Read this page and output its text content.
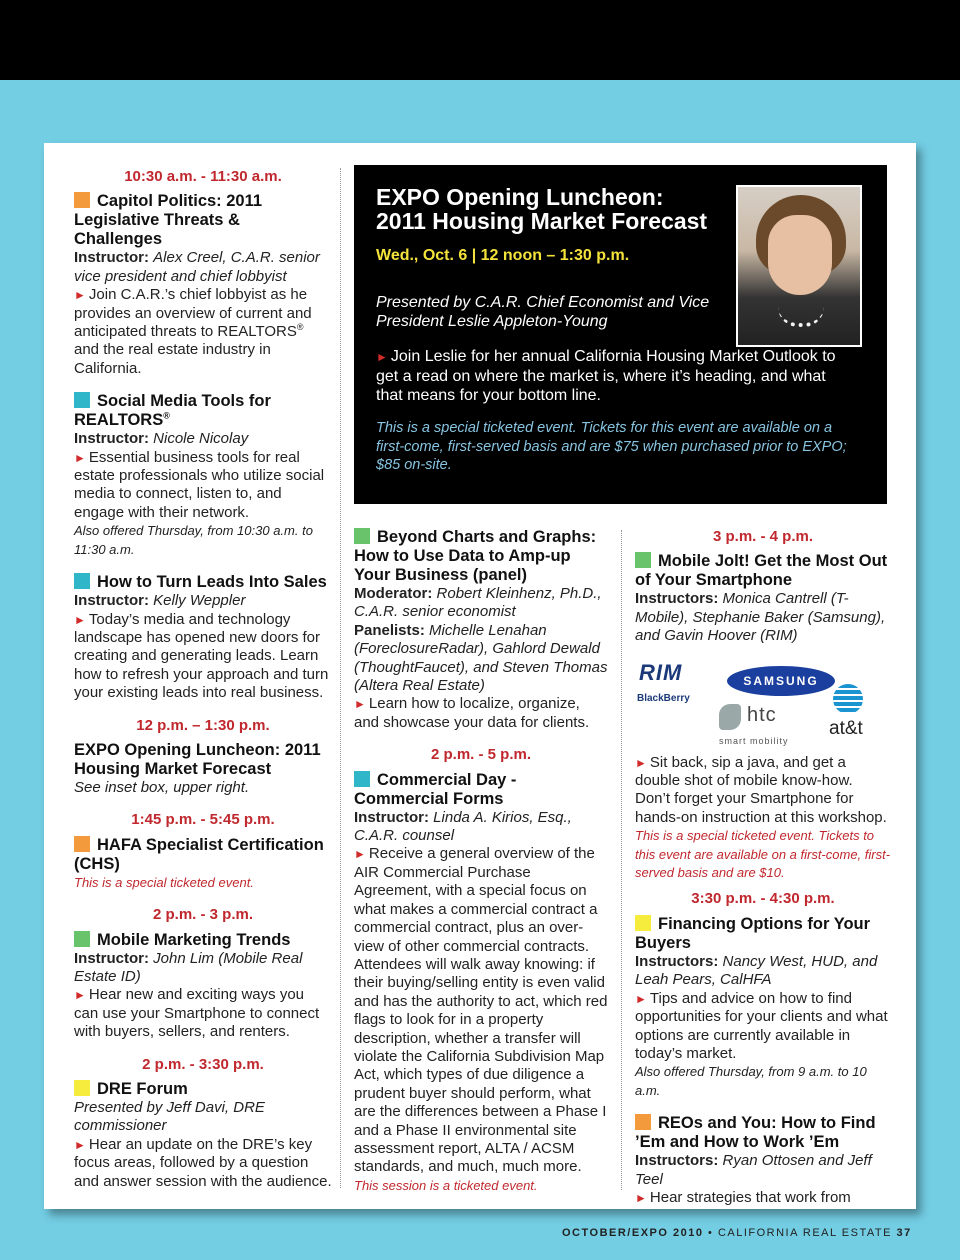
10:30 a.m. - 11:30 a.m.
Capitol Politics: 2011 Legislative Threats & Challenges
Instructor: Alex Creel, C.A.R. senior vice president and chief lobbyist
► Join C.A.R.’s chief lobbyist as he provides an overview of current and anticipated threats to REALTORS® and the real estate industry in California.
Social Media Tools for REALTORS®
Instructor: Nicole Nicolay
► Essential business tools for real estate professionals who utilize social media to connect, listen to, and engage with their network.
Also offered Thursday, from 10:30 a.m. to 11:30 a.m.
How to Turn Leads Into Sales
Instructor: Kelly Weppler
► Today’s media and technology landscape has opened new doors for creating and generating leads. Learn how to refresh your approach and turn your existing leads into real business.
12 p.m. – 1:30 p.m.
EXPO Opening Luncheon: 2011 Housing Market Forecast
See inset box, upper right.
1:45 p.m. - 5:45 p.m.
HAFA Specialist Certification (CHS)
This is a special ticketed event.
2 p.m. - 3 p.m.
Mobile Marketing Trends
Instructor: John Lim (Mobile Real Estate ID)
► Hear new and exciting ways you can use your Smartphone to connect with buyers, sellers, and renters.
2 p.m. - 3:30 p.m.
DRE Forum
Presented by Jeff Davi, DRE commissioner
► Hear an update on the DRE’s key focus areas, followed by a question and answer session with the audience.
EXPO Opening Luncheon: 2011 Housing Market Forecast
Wed., Oct. 6 | 12 noon – 1:30 p.m.
Presented by C.A.R. Chief Economist and Vice President Leslie Appleton-Young
► Join Leslie for her annual California Housing Market Outlook to get a read on where the market is, where it’s heading, and what that means for your bottom line.
This is a special ticketed event. Tickets for this event are available on a first-come, first-served basis and are $75 when purchased prior to EXPO; $85 on-site.
Beyond Charts and Graphs: How to Use Data to Amp-up Your Business (panel)
Moderator: Robert Kleinhenz, Ph.D., C.A.R. senior economist
Panelists: Michelle Lenahan (ForeclosureRadar), Gahlord Dewald (ThoughtFaucet), and Steven Thomas (Altera Real Estate)
► Learn how to localize, organize, and showcase your data for clients.
2 p.m. - 5 p.m.
Commercial Day - Commercial Forms
Instructor: Linda A. Kirios, Esq., C.A.R. counsel
► Receive a general overview of the AIR Commercial Purchase Agreement, with a special focus on what makes a commercial contract a commercial contract, plus an over-view of other commercial contracts. Attendees will walk away knowing: if their buying/selling entity is even valid and has the authority to act, which red flags to look for in a property description, whether a transfer will violate the California Subdivision Map Act, which types of due diligence a prudent buyer should perform, what are the differences between a Phase I and a Phase II environmental site assessment report, ALTA / ACSM standards, and much, much more.
This session is a ticketed event.
3 p.m. - 4 p.m.
Mobile Jolt! Get the Most Out of Your Smartphone
Instructors: Monica Cantrell (T-Mobile), Stephanie Baker (Samsung), and Gavin Hoover (RIM)
RIM
BlackBerry
SAMSUNG
htc
smart mobility
at&t
► Sit back, sip a java, and get a double shot of mobile know-how. Don’t forget your Smartphone for hands-on instruction at this workshop.
This is a special ticketed event. Tickets to this event are available on a first-come, first-served basis and are $10.
3:30 p.m. - 4:30 p.m.
Financing Options for Your Buyers
Instructors: Nancy West, HUD, and Leah Pears, CalHFA
► Tips and advice on how to find opportunities for your clients and what options are currently available in today’s market.
Also offered Thursday, from 9 a.m. to 10 a.m.
REOs and You: How to Find ’Em and How to Work ’Em
Instructors: Ryan Ottosen and Jeff Teel
► Hear strategies that work from
OCTOBER/EXPO 2010 • CALIFORNIA REAL ESTATE 37
